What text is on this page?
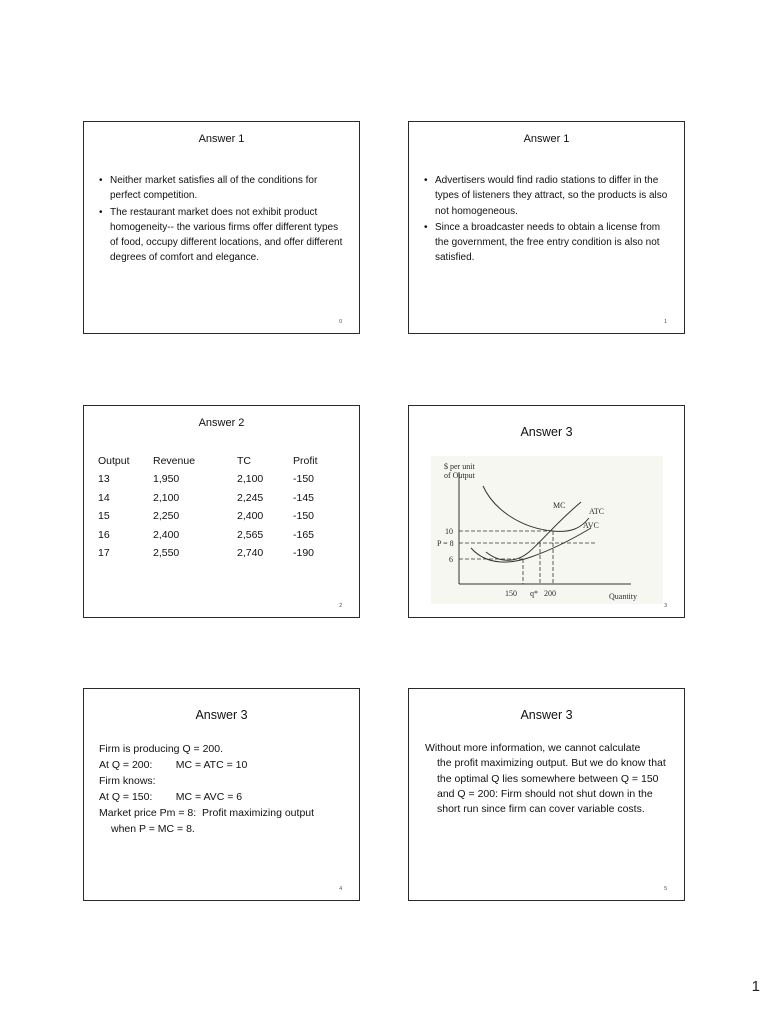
Answer 1
• Neither market satisfies all of the conditions for perfect competition.
• The restaurant market does not exhibit product homogeneity-- the various firms offer different types of food, occupy different locations, and offer different degrees of comfort and elegance.
0
Answer 1
• Advertisers would find radio stations to differ in the types of listeners they attract, so the products is also not homogeneous.
• Since a broadcaster needs to obtain a license from the government, the free entry condition is also not satisfied.
1
Answer 2
Output	Revenue	TC	Profit
13	1,950	2,100	-150
14	2,100	2,245	-145
15	2,250	2,400	-150
16	2,400	2,565	-165
17	2,550	2,740	-190
2
Answer 3
$ per unit
of Output
Quantity
10
P = 8
6
150 q* 200
MC
ATC
AVC
3
Answer 3
Firm is producing Q = 200.
At Q = 200:        MC = ATC = 10
Firm knows:
At Q = 150:        MC = AVC = 6
Market price Pm = 8:  Profit maximizing output
when P = MC = 8.
4
Answer 3
Without more information, we cannot calculate
the profit maximizing output. But we do know that the optimal Q lies somewhere between Q = 150 and Q = 200: Firm should not shut down in the short run since firm can cover variable costs.
5
1
